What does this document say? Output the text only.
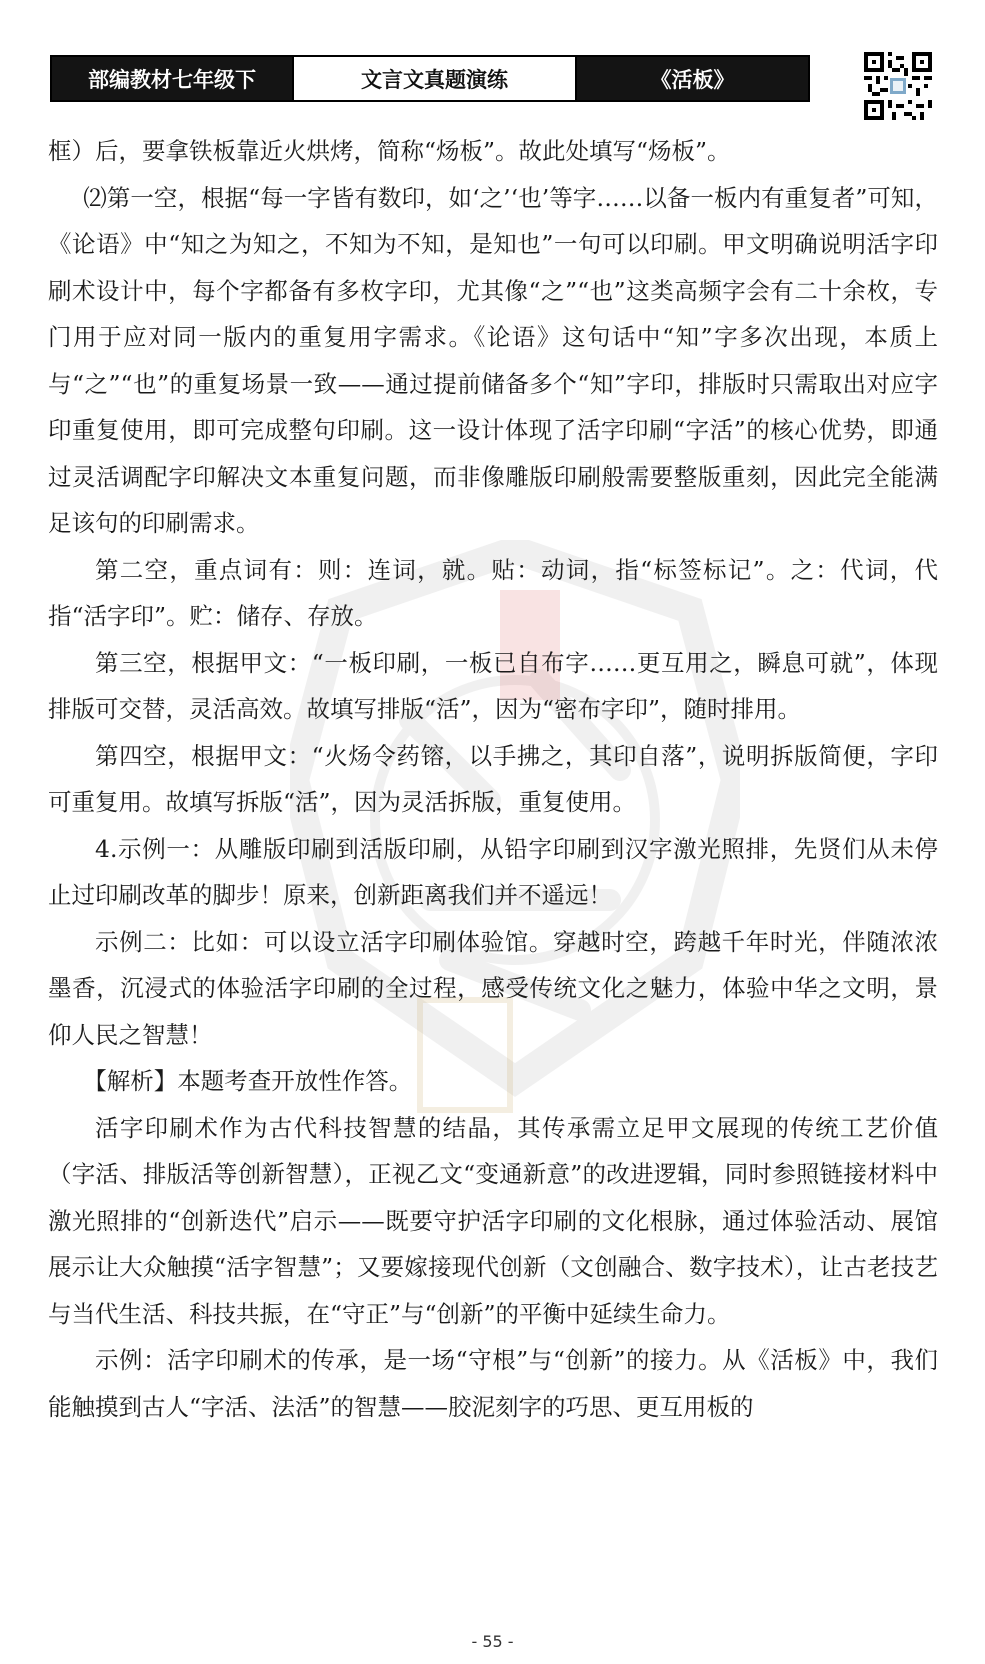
部编教材七年级下	文言文真题演练	《活板》

框）后，要拿铁板靠近火烘烤，简称“炀板”。故此处填写“炀板”。

⑵第一空，根据“每一字皆有数印，如‘之’‘也’等字……以备一板内有重复者”可知，《论语》中“知之为知之，不知为不知，是知也”一句可以印刷。甲文明确说明活字印刷术设计中，每个字都备有多枚字印，尤其像“之”“也”这类高频字会有二十余枚，专门用于应对同一版内的重复用字需求。《论语》这句话中“知”字多次出现，本质上与“之”“也”的重复场景一致——通过提前储备多个“知”字印，排版时只需取出对应字印重复使用，即可完成整句印刷。这一设计体现了活字印刷“字活”的核心优势，即通过灵活调配字印解决文本重复问题，而非像雕版印刷般需要整版重刻，因此完全能满足该句的印刷需求。

第二空，重点词有：则：连词，就。贴：动词，指“标签标记”。之：代词，代指“活字印”。贮：储存、存放。

第三空，根据甲文：“一板印刷，一板已自布字……更互用之，瞬息可就”，体现排版可交替，灵活高效。故填写排版“活”，因为“密布字印”，随时排用。

第四空，根据甲文：“火炀令药镕，以手拂之，其印自落”，说明拆版简便，字印可重复用。故填写拆版“活”，因为灵活拆版，重复使用。

4.示例一：从雕版印刷到活版印刷，从铅字印刷到汉字激光照排，先贤们从未停止过印刷改革的脚步！原来，创新距离我们并不遥远！

示例二：比如：可以设立活字印刷体验馆。穿越时空，跨越千年时光，伴随浓浓墨香，沉浸式的体验活字印刷的全过程，感受传统文化之魅力，体验中华之文明，景仰人民之智慧！

【解析】本题考查开放性作答。

活字印刷术作为古代科技智慧的结晶，其传承需立足甲文展现的传统工艺价值（字活、排版活等创新智慧），正视乙文“变通新意”的改进逻辑，同时参照链接材料中激光照排的“创新迭代”启示——既要守护活字印刷的文化根脉，通过体验活动、展馆展示让大众触摸“活字智慧”；又要嫁接现代创新（文创融合、数字技术），让古老技艺与当代生活、科技共振，在“守正”与“创新”的平衡中延续生命力。

示例：活字印刷术的传承，是一场“守根”与“创新”的接力。从《活板》中，我们能触摸到古人“字活、法活”的智慧——胶泥刻字的巧思、更互用板的

- 55 -
